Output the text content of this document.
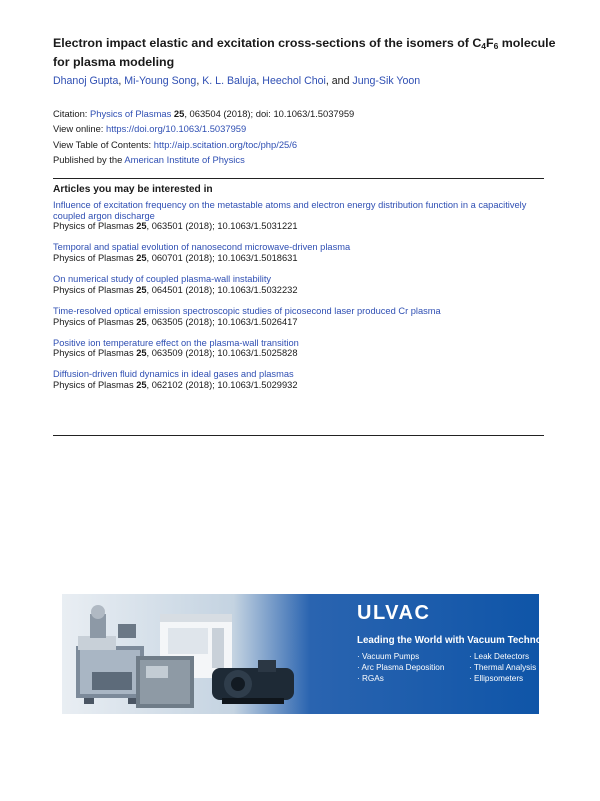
Electron impact elastic and excitation cross-sections of the isomers of $C_4F_6$ molecule for plasma modeling
Dhanoj Gupta, Mi-Young Song, K. L. Baluja, Heechol Choi, and Jung-Sik Yoon
Citation: Physics of Plasmas 25, 063504 (2018); doi: 10.1063/1.5037959
View online: https://doi.org/10.1063/1.5037959
View Table of Contents: http://aip.scitation.org/toc/php/25/6
Published by the American Institute of Physics
Articles you may be interested in
Influence of excitation frequency on the metastable atoms and electron energy distribution function in a capacitively coupled argon discharge
Physics of Plasmas 25, 063501 (2018); 10.1063/1.5031221
Temporal and spatial evolution of nanosecond microwave-driven plasma
Physics of Plasmas 25, 060701 (2018); 10.1063/1.5018631
On numerical study of coupled plasma-wall instability
Physics of Plasmas 25, 064501 (2018); 10.1063/1.5032232
Time-resolved optical emission spectroscopic studies of picosecond laser produced Cr plasma
Physics of Plasmas 25, 063505 (2018); 10.1063/1.5026417
Positive ion temperature effect on the plasma-wall transition
Physics of Plasmas 25, 063509 (2018); 10.1063/1.5025828
Diffusion-driven fluid dynamics in ideal gases and plasmas
Physics of Plasmas 25, 062102 (2018); 10.1063/1.5029932
ULVAC
Leading the World with Vacuum Technology
· Vacuum Pumps	· Leak Detectors
· Arc Plasma Deposition	· Thermal Analysis
· RGAs	· Ellipsometers
